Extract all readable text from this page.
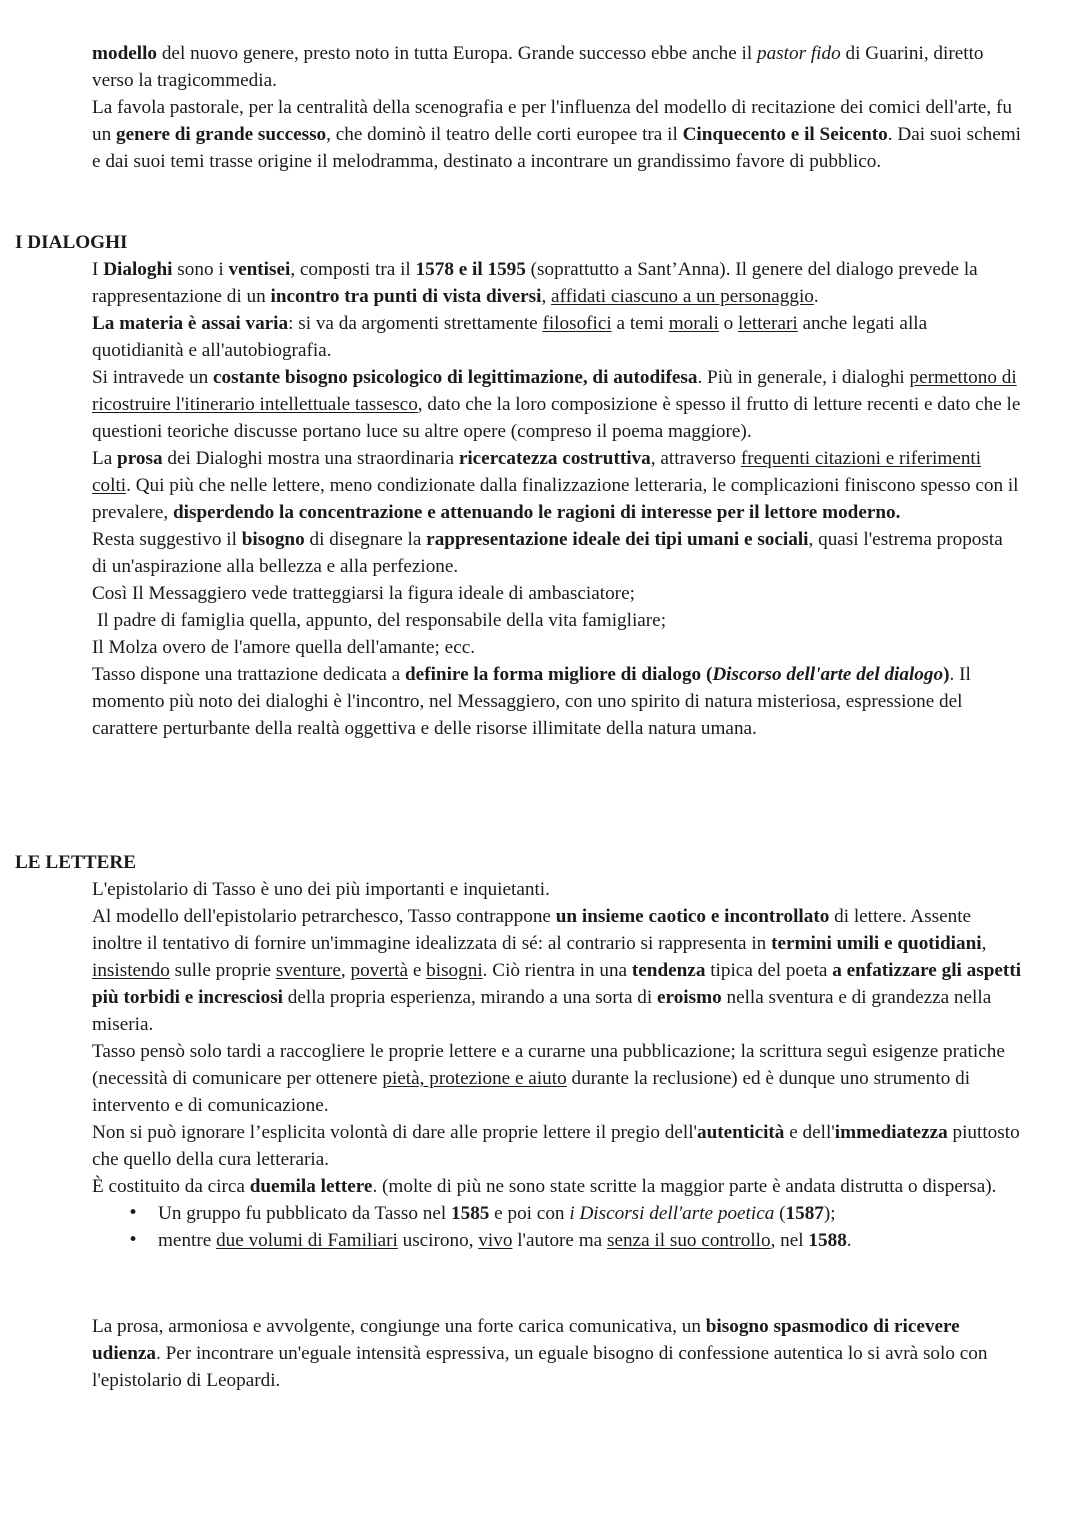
modello del nuovo genere, presto noto in tutta Europa. Grande successo ebbe anche il pastor fido di Guarini, diretto verso la tragicommedia.

La favola pastorale, per la centralità della scenografia e per l'influenza del modello di recitazione dei comici dell'arte, fu un genere di grande successo, che dominò il teatro delle corti europee tra il Cinquecento e il Seicento. Dai suoi schemi e dai suoi temi trasse origine il melodramma, destinato a incontrare un grandissimo favore di pubblico.

I DIALOGHI

I Dialoghi sono i ventisei, composti tra il 1578 e il 1595 (soprattutto a Sant’Anna). Il genere del dialogo prevede la rappresentazione di un incontro tra punti di vista diversi, affidati ciascuno a un personaggio.

La materia è assai varia: si va da argomenti strettamente filosofici a temi morali o letterari anche legati alla quotidianità e all'autobiografia.

Si intravede un costante bisogno psicologico di legittimazione, di autodifesa. Più in generale, i dialoghi permettono di ricostruire l'itinerario intellettuale tassesco, dato che la loro composizione è spesso il frutto di letture recenti e dato che le questioni teoriche discusse portano luce su altre opere (compreso il poema maggiore).

La prosa dei Dialoghi mostra una straordinaria ricercatezza costruttiva, attraverso frequenti citazioni e riferimenti colti. Qui più che nelle lettere, meno condizionate dalla finalizzazione letteraria, le complicazioni finiscono spesso con il prevalere, disperdendo la concentrazione e attenuando le ragioni di interesse per il lettore moderno.

Resta suggestivo il bisogno di disegnare la rappresentazione ideale dei tipi umani e sociali, quasi l'estrema proposta di un'aspirazione alla bellezza e alla perfezione.

Così Il Messaggiero vede tratteggiarsi la figura ideale di ambasciatore;

Il padre di famiglia quella, appunto, del responsabile della vita famigliare;

Il Molza overo de l'amore quella dell'amante; ecc.

Tasso dispone una trattazione dedicata a definire la forma migliore di dialogo (Discorso dell'arte del dialogo). Il momento più noto dei dialoghi è l'incontro, nel Messaggiero, con uno spirito di natura misteriosa, espressione del carattere perturbante della realtà oggettiva e delle risorse illimitate della natura umana.

LE LETTERE

L'epistolario di Tasso è uno dei più importanti e inquietanti.

Al modello dell'epistolario petrarchesco, Tasso contrappone un insieme caotico e incontrollato di lettere. Assente inoltre il tentativo di fornire un'immagine idealizzata di sé: al contrario si rappresenta in termini umili e quotidiani, insistendo sulle proprie sventure, povertà e bisogni. Ciò rientra in una tendenza tipica del poeta a enfatizzare gli aspetti più torbidi e incresciosi della propria esperienza, mirando a una sorta di eroismo nella sventura e di grandezza nella miseria.

Tasso pensò solo tardi a raccogliere le proprie lettere e a curarne una pubblicazione; la scrittura seguì esigenze pratiche (necessità di comunicare per ottenere pietà, protezione e aiuto durante la reclusione) ed è dunque uno strumento di intervento e di comunicazione.

Non si può ignorare l’esplicita volontà di dare alle proprie lettere il pregio dell'autenticità e dell'immediatezza piuttosto che quello della cura letteraria.

È costituito da circa duemila lettere. (molte di più ne sono state scritte la maggior parte è andata distrutta o dispersa).

• Un gruppo fu pubblicato da Tasso nel 1585 e poi con i Discorsi dell'arte poetica (1587);
• mentre due volumi di Familiari uscirono, vivo l'autore ma senza il suo controllo, nel 1588.

La prosa, armoniosa e avvolgente, congiunge una forte carica comunicativa, un bisogno spasmodico di ricevere udienza. Per incontrare un'eguale intensità espressiva, un eguale bisogno di confessione autentica lo si avrà solo con l'epistolario di Leopardi.
